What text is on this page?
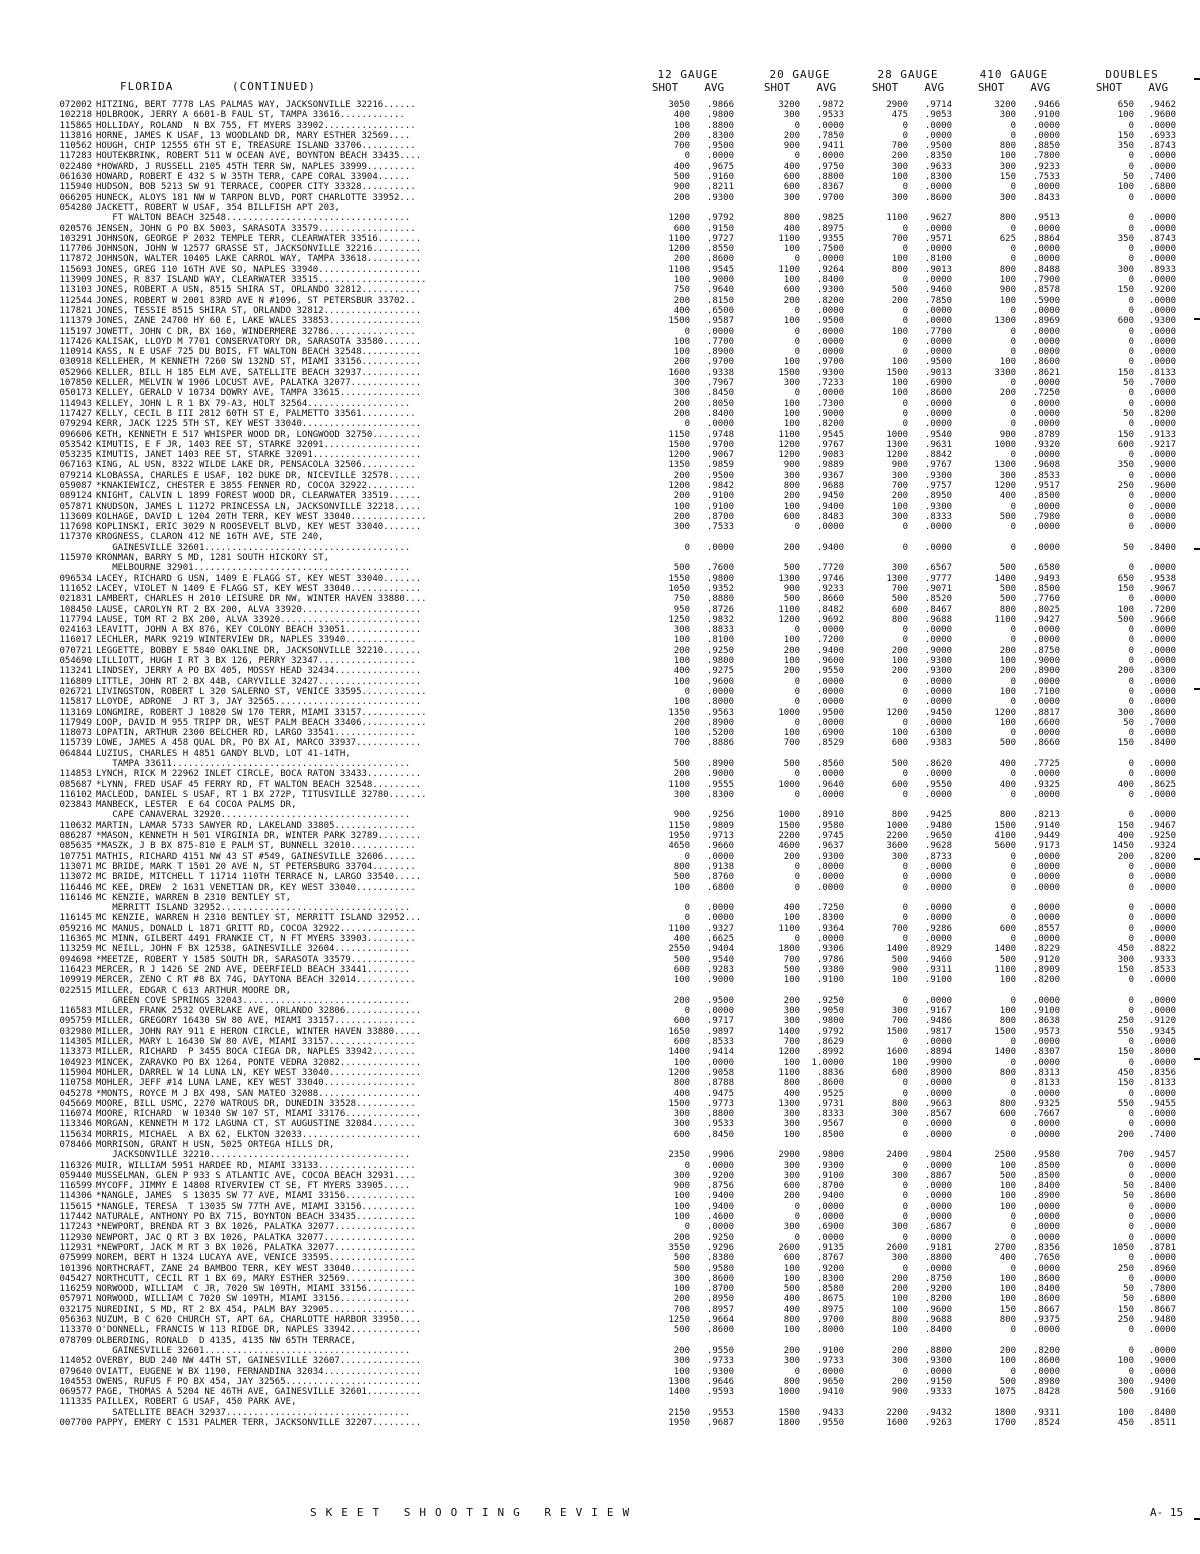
FLORIDA	(CONTINUED)
12 GAUGE
SHOT AVG
20 GAUGE
SHOT AVG
28 GAUGE
SHOT AVG
410 GAUGE
SHOT AVG
DOUBLES
SHOT AVG
072002 HITZING, BERT 7778 LAS PALMAS WAY, JACKSONVILLE 32216......	3050	.9866	3200	.9872	2900	.9714	3200	.9466	650	.9462
102218 HOLBROOK, JERRY A 6601-B FAUL ST, TAMPA 33616............	400	.9800	300	.9533	475	.9053	300	.9100	100	.9600
115865 HOLLIDAY, ROLAND  N BX 755, FT MYERS 33902.................	100	.8800	0	.0000	0	.0000	0	.0000	0	.0000
113816 HORNE, JAMES K USAF, 13 WOODLAND DR, MARY ESTHER 32569....	200	.8300	200	.7850	0	.0000	0	.0000	150	.6933
110562 HOUGH, CHIP 12555 6TH ST E, TREASURE ISLAND 33706..........	700	.9500	900	.9411	700	.9500	800	.8850	350	.8743
117283 HOUTEKBRINK, ROBERT 511 W OCEAN AVE, BOYNTON BEACH 33435....	0	.0000	0	.0000	200	.8350	100	.7800	0	.0000
022480 *HOWARD, J RUSSELL 2105 45TH TERR SW, NAPLES 33999.........	400	.9675	400	.9750	300	.9633	300	.9233	0	.0000
061630 HOWARD, ROBERT E 432 S W 35TH TERR, CAPE CORAL 33904......	500	.9160	600	.8800	100	.8300	150	.7533	50	.7400
115940 HUDSON, BOB 5213 SW 91 TERRACE, COOPER CITY 33328..........	900	.8211	600	.8367	0	.0000	0	.0000	100	.6800
066205 HUNECK, ALOYS 181 NW W TARPON BLVD, PORT CHARLOTTE 33952...	200	.9300	300	.9700	300	.8600	300	.8433	0	.0000
054280 JACKETT, ROBERT W USAF, 354 BILLFISH APT 203,
FT WALTON BEACH 32548..................................	1200	.9792	800	.9825	1100	.9627	800	.9513	0	.0000
020576 JENSEN, JOHN G PO BX 5003, SARASOTA 33579..................	600	.9150	400	.8975	0	.0000	0	.0000	0	.0000
103291 JOHNSON, GEORGE P 2032 TEMPLE TERR, CLEARWATER 33516........	1100	.9727	1100	.9355	700	.9571	625	.8864	350	.8743
117706 JOHNSON, JOHN W 12577 GRASSE ST, JACKSONVILLE 32216.........	1200	.8550	100	.7500	0	.0000	0	.0000	0	.0000
117872 JOHNSON, WALTER 10405 LAKE CARROL WAY, TAMPA 33618..........	200	.8600	0	.0000	100	.8100	0	.0000	0	.0000
115693 JONES, GREG 110 16TH AVE SO, NAPLES 33940...................	1100	.9545	1100	.9264	800	.9013	800	.8488	300	.8933
113909 JONES, R 837 ISLAND WAY, CLEARWATER 33515....................	100	.9000	100	.8400	0	.0000	100	.7900	0	.0000
113103 JONES, ROBERT A USN, 8515 SHIRA ST, ORLANDO 32812...........	750	.9640	600	.9300	500	.9460	900	.8578	150	.9200
112544 JONES, ROBERT W 2001 83RD AVE N #1096, ST PETERSBUR 33702..	200	.8150	200	.8200	200	.7850	100	.5900	0	.0000
117821 JONES, TESSIE 8515 SHIRA ST, ORLANDO 32812..................	400	.6500	0	.0000	0	.0000	0	.0000	0	.0000
111379 JONES, ZANE 24700 HY 60 E, LAKE WALES 33853.................	1500	.9587	100	.9500	0	.0000	1300	.8969	600	.9300
115197 JOWETT, JOHN C DR, BX 160, WINDERMERE 32786................	0	.0000	0	.0000	100	.7700	0	.0000	0	.0000
117426 KALISAK, LLOYD M 7701 CONSERVATORY DR, SARASOTA 33580.......	100	.7700	0	.0000	0	.0000	0	.0000	0	.0000
110914 KASS, N E USAF 725 DU BOIS, FT WALTON BEACH 32548...........	100	.8900	0	.0000	0	.0000	0	.0000	0	.0000
030918 KELLEHER, M KENNETH 7260 SW 132ND ST, MIAMI 33156...........	200	.9700	100	.9700	100	.9500	100	.8600	0	.0000
052966 KELLER, BILL H 185 ELM AVE, SATELLITE BEACH 32937...........	1600	.9338	1500	.9300	1500	.9013	3300	.8621	150	.8133
107850 KELLER, MELVIN W 1906 LOCUST AVE, PALATKA 32077.............	300	.7967	300	.7233	100	.6900	0	.0000	50	.7000
050173 KELLEY, GERALD V 10734 DOWRY AVE, TAMPA 33615...............	300	.8450	0	.0000	100	.8600	200	.7250	0	.0000
114943 KELLEY, JOHN L R 1 BX 79-A3, HOLT 32564...................	200	.8050	100	.7300	0	.0000	0	.0000	0	.0000
117427 KELLY, CECIL B III 2812 60TH ST E, PALMETTO 33561..........	200	.8400	100	.9000	0	.0000	0	.0000	50	.8200
079294 KERR, JACK 1225 5TH ST, KEY WEST 33040......................	0	.0000	100	.8200	0	.0000	0	.0000	0	.0000
096606 KETH, KENNETH E 517 WHISPER WOOD DR, LONGWOOD 32750.........	1150	.9748	1100	.9545	1000	.9540	900	.8789	150	.9133
053542 KIMUTIS, E F JR, 1403 REE ST, STARKE 32091..................	1500	.9700	1200	.9767	1300	.9631	1000	.9320	600	.9217
053235 KIMUTIS, JANET 1403 REE ST, STARKE 32091....................	1200	.9067	1200	.9083	1200	.8842	0	.0000	0	.0000
067163 KING, AL USN, 8322 WILDE LAKE DR, PENSACOLA 32506..........	1350	.9859	900	.9889	900	.9767	1300	.9608	350	.9000
079214 KLOBASSA, CHARLES E USAF, 102 DUKE DR, NICEVILLE 32578......	200	.9500	300	.9367	300	.9300	300	.8533	0	.0000
059087 *KNAKIEWICZ, CHESTER E 3855 FENNER RD, COCOA 32922.........	1200	.9842	800	.9688	700	.9757	1200	.9517	250	.9600
089124 KNIGHT, CALVIN L 1899 FOREST WOOD DR, CLEARWATER 33519......	200	.9100	200	.9450	200	.8950	400	.8500	0	.0000
057871 KNUDSON, JAMES L 11272 PRINCESSA LN, JACKSONVILLE 32218.....	100	.9100	100	.9400	100	.9300	0	.0000	0	.0000
113609 KOLHAGE, DAVID L 1204 20TH TERR, KEY WEST 33040..............	200	.8700	600	.8483	300	.8333	500	.7980	0	.0000
117698 KOPLINSKI, ERIC 3029 N ROOSEVELT BLVD, KEY WEST 33040.......	300	.7533	0	.0000	0	.0000	0	.0000	0	.0000
117370 KROGNESS, CLARON 412 NE 16TH AVE, STE 240,
GAINESVILLE 32601......................................	0	.0000	200	.9400	0	.0000	0	.0000	50	.8400
115970 KRONMAN, BARRY S MD, 1281 SOUTH HICKORY ST,
MELBOURNE 32901........................................	500	.7600	500	.7720	300	.6567	500	.6580	0	.0000
096534 LACEY, RICHARD G USN, 1409 E FLAGG ST, KEY WEST 33040.......	1550	.9800	1300	.9746	1300	.9777	1400	.9493	650	.9538
111652 LACEY, VIOLET N 1409 E FLAGG ST, KEY WEST 33040.............	1050	.9352	900	.9233	700	.9071	500	.8500	150	.9067
021831 LAMBERT, CHARLES H 2010 LEISURE DR NW, WINTER HAVEN 33880....	750	.8880	500	.8660	500	.8520	500	.7760	0	.0000
108450 LAUSE, CAROLYN RT 2 BX 200, ALVA 33920......................	950	.8726	1100	.8482	600	.8467	800	.8025	100	.7200
117794 LAUSE, TOM RT 2 BX 200, ALVA 33920..........................	1250	.9832	1200	.9692	800	.9688	1100	.9427	500	.9660
024163 LEAVITT, JOHN A BX 876, KEY COLONY BEACH 33051..............	300	.8833	0	.0000	0	.0000	0	.0000	0	.0000
116017 LECHLER, MARK 9219 WINTERVIEW DR, NAPLES 33940.............	100	.8100	100	.7200	0	.0000	0	.0000	0	.0000
070721 LEGGETTE, BOBBY E 5840 OAKLINE DR, JACKSONVILLE 32210.......	200	.9250	200	.9400	200	.9000	200	.8750	0	.0000
054690 LILLIOTT, HUGH I RT 3 BX 126, PERRY 32347..................	100	.9800	100	.9600	100	.9300	100	.9000	0	.0000
113241 LINDSEY, JERRY A PO BX 405, MOSSY HEAD 32434................	400	.9275	200	.9550	200	.9300	200	.8900	200	.8300
116809 LITTLE, JOHN RT 2 BX 44B, CARYVILLE 32427...................	100	.9600	0	.0000	0	.0000	0	.0000	0	.0000
026721 LIVINGSTON, ROBERT L 320 SALERNO ST, VENICE 33595............	0	.0000	0	.0000	0	.0000	100	.7100	0	.0000
115817 LLOYDE, ADRONE  J RT 3, JAY 32565...........................	100	.8000	0	.0000	0	.0000	0	.0000	0	.0000
113169 LONGMIRE, ROBERT J 10820 SW 170 TERR, MIAMI 33157............	1350	.9563	1000	.9500	1200	.9450	1200	.8817	300	.8600
117949 LOOP, DAVID M 955 TRIPP DR, WEST PALM BEACH 33406............	200	.8900	0	.0000	0	.0000	100	.6600	50	.7000
118073 LOPATIN, ARTHUR 2300 BELCHER RD, LARGO 33541...............	100	.5200	100	.6900	100	.6300	0	.0000	0	.0000
115739 LOWE, JAMES A 458 QUAL DR, PO BX AI, MARCO 33937............	700	.8886	700	.8529	600	.9383	500	.8660	150	.8400
064844 LUZIUS, CHARLES H 4851 GANDY BLVD, LOT 41-14TH,
TAMPA 33611............................................	500	.8900	500	.8560	500	.8620	400	.7725	0	.0000
114853 LYNCH, RICK M 22962 INLET CIRCLE, BOCA RATON 33433..........	200	.9000	0	.0000	0	.0000	0	.0000	0	.0000
085687 *LYNN, FRED USAF 45 FERRY RD, FT WALTON BEACH 32548.........	1100	.9555	1000	.9640	600	.9550	400	.9325	400	.8625
116102 MACLEOD, DANIEL S USAF, RT 1 BX 272P, TITUSVILLE 32780.......	300	.8300	0	.0000	0	.0000	0	.0000	0	.0000
023843 MANBECK, LESTER  E 64 COCOA PALMS DR,
CAPE CANAVERAL 32920...................................	900	.9256	1000	.8910	800	.9425	800	.8213	0	.0000
110632 MARTIN, LAMAR 5733 SAWYER RD, LAKELAND 33805...............	1150	.9809	1500	.9580	1000	.9480	1500	.9140	150	.9467
086287 *MASON, KENNETH H 501 VIRGINIA DR, WINTER PARK 32789........	1950	.9713	2200	.9745	2200	.9650	4100	.9449	400	.9250
085635 *MASZK, J B BX 875-810 E PALM ST, BUNNELL 32010............	4650	.9660	4600	.9637	3600	.9628	5600	.9173	1450	.9324
107751 MATHIS, RICHARD 4151 NW 43 ST #549, GAINESVILLE 32606......	0	.0000	200	.9300	300	.8733	0	.0000	200	.8200
113071 MC BRIDE, MARK T 1501 20 AVE N, ST PETERSBURG 33704........	800	.9138	0	.0000	0	.0000	0	.0000	0	.0000
113072 MC BRIDE, MITCHELL T 11714 110TH TERRACE N, LARGO 33540.....	500	.8760	0	.0000	0	.0000	0	.0000	0	.0000
116446 MC KEE, DREW  2 1631 VENETIAN DR, KEY WEST 33040...........	100	.6800	0	.0000	0	.0000	0	.0000	0	.0000
116146 MC KENZIE, WARREN B 2310 BENTLEY ST,
MERRITT ISLAND 32952...................................	0	.0000	400	.7250	0	.0000	0	.0000	0	.0000
116145 MC KENZIE, WARREN H 2310 BENTLEY ST, MERRITT ISLAND 32952...	0	.0000	100	.8300	0	.0000	0	.0000	0	.0000
059216 MC MANUS, DONALD L 1871 GRITT RD, COCOA 32922..............	1100	.9327	1100	.9364	700	.9286	600	.8557	0	.0000
116365 MC MINN, GILBERT 4491 FRANKIE CT, N FT MYERS 33903.........	400	.6625	0	.0000	0	.0000	0	.0000	0	.0000
113259 MC NEILL, JOHN F BX 12538, GAINESVILLE 32604..............	2550	.9404	1800	.9306	1400	.8929	1400	.8229	450	.8822
094698 *MEETZE, ROBERT Y 1585 SOUTH DR, SARASOTA 33579............	500	.9540	700	.9786	500	.9460	500	.9120	300	.9333
116423 MERCER, R J 1426 SE 2ND AVE, DEERFIELD BEACH 33441........	600	.9283	500	.9380	900	.9311	1100	.8909	150	.8533
109919 MERCER, ZENO C RT #8 BX 74G, DAYTONA BEACH 32014...........	100	.9000	100	.9100	100	.9100	100	.8200	0	.0000
022515 MILLER, EDGAR C 613 ARTHUR MOORE DR,
GREEN COVE SPRINGS 32043...............................	200	.9500	200	.9250	0	.0000	0	.0000	0	.0000
116583 MILLER, FRANK 2532 OVERLAKE AVE, ORLANDO 32806..............	0	.0000	300	.9050	300	.9167	100	.9100	0	.0000
095759 MILLER, GREGORY 16430 SW 80 AVE, MIAMI 33157...............	600	.9717	300	.9800	700	.9486	800	.8638	250	.9120
032980 MILLER, JOHN RAY 911 E HERON CIRCLE, WINTER HAVEN 33880.....	1650	.9897	1400	.9792	1500	.9817	1500	.9573	550	.9345
114305 MILLER, MARY L 16430 SW 80 AVE, MIAMI 33157................	600	.8533	700	.8629	0	.0000	0	.0000	0	.0000
113373 MILLER, RICHARD  P 3455 BOCA CIEGA DR, NAPLES 33942........	1400	.9414	1200	.8992	1600	.8894	1400	.8307	150	.8000
104923 MINCEK, ZARAVKO PO BX 1264, PONTE VEDRA 32082...............	100	.0000	100	1.0000	100	.9900	0	.0000	0	.0000
115904 MOHLER, DARREL W 14 LUNA LN, KEY WEST 33040.................	1200	.9058	1100	.8836	600	.8900	800	.8313	450	.8356
110758 MOHLER, JEFF #14 LUNA LANE, KEY WEST 33040.................	800	.8788	800	.8600	0	.0000	0	.8133	150	.8133
045278 *MONTS, ROYCE M J BX 498, SAN MATEO 32088...................	400	.9475	400	.9525	0	.0000	0	.0000	0	.0000
045669 MOORE, BILL USMC, 2270 WATROUS DR, DUNEDIN 33528...........	1500	.9773	1300	.9731	800	.9663	800	.9325	550	.9455
116074 MOORE, RICHARD  W 10340 SW 107 ST, MIAMI 33176..............	300	.8800	300	.8333	300	.8567	600	.7667	0	.0000
113346 MORGAN, KENNETH M 172 LAGUNA CT, ST AUGUSTINE 32084........	300	.9533	300	.9567	0	.0000	0	.0000	0	.0000
115634 MORRIS, MICHAEL  A BX 62, ELKTON 32033......................	600	.8450	100	.8500	0	.0000	0	.0000	200	.7400
078466 MORRISON, GRANT H USN, 5025 ORTEGA HILLS DR,
JACKSONVILLE 32210.....................................	2350	.9906	2900	.9800	2400	.9804	2500	.9580	700	.9457
116326 MUIR, WILLIAM 5951 HARDEE RD, MIAMI 33133..................	0	.0000	300	.9300	0	.0000	100	.8500	0	.0000
059440 MUSSELMAN, GLEN P 933 S ATLANTIC AVE, COCOA BEACH 32931....	300	.9200	300	.9100	300	.8867	500	.8500	0	.0000
116599 MYCOFF, JIMMY E 14808 RIVERVIEW CT SE, FT MYERS 33905.....	900	.8756	600	.8700	0	.0000	100	.8400	50	.8400
114306 *NANGLE, JAMES  S 13035 SW 77 AVE, MIAMI 33156.............	100	.9400	200	.9400	0	.0000	100	.8900	50	.8600
115615 *NANGLE, TERESA  T 13035 SW 77TH AVE, MIAMI 33156..........	100	.9400	0	.0000	0	.0000	100	.0000	0	.0000
117442 NATURALE, ANTHONY PO BX 715, BOYNTON BEACH 33435...........	100	.4600	0	.0000	0	.0000	0	.0000	0	.0000
117243 *NEWPORT, BRENDA RT 3 BX 1026, PALATKA 32077...............	0	.0000	300	.6900	300	.6867	0	.0000	0	.0000
112930 NEWPORT, JAC Q RT 3 BX 1026, PALATKA 32077.................	200	.9250	0	.0000	0	.0000	0	.0000	0	.0000
112931 *NEWPORT, JACK M RT 3 BX 1026, PALATKA 32077...............	3550	.9296	2600	.9135	2600	.9181	2700	.8356	1050	.8781
075999 NOREM, BERT H 1324 LUCAYA AVE, VENICE 33595................	500	.8380	600	.8767	300	.8800	400	.7650	0	.0000
101396 NORTHCRAFT, ZANE 24 BAMBOO TERR, KEY WEST 33040............	500	.9580	100	.9200	0	.0000	0	.0000	250	.8960
045427 NORTHCUTT, CECIL RT 1 BX 69, MARY ESTHER 32569.............	300	.8600	100	.8300	200	.8750	100	.8600	0	.0000
116259 NORWOOD, WILLIAM  C JR, 7020 SW 109TH, MIAMI 33156.........	100	.8700	500	.8580	200	.9200	100	.8400	50	.7800
057971 NORWOOD, WILLIAM C 7020 SW 109TH, MIAMI 33156.............	200	.8950	400	.8675	100	.8200	100	.8600	50	.6800
032175 NUREDINI, S MD, RT 2 BX 454, PALM BAY 32905................	700	.8957	400	.8975	100	.9600	150	.8667	150	.8667
056363 NUZUM, B C 620 CHURCH ST, APT 6A, CHARLOTTE HARBOR 33950....	1250	.9664	800	.9700	800	.9688	800	.9375	250	.9480
113370 O'DONNELL, FRANCIS W 113 RIDGE DR, NAPLES 33942.............	500	.8600	100	.8000	100	.8400	0	.0000	0	.0000
078709 OLBERDING, RONALD  D 4135, 4135 NW 65TH TERRACE,
GAINESVILLE 32601......................................	200	.9550	200	.9100	200	.8800	200	.8200	0	.0000
114052 OVERBY, BUD 240 NW 44TH ST, GAINESVILLE 32607...............	300	.9733	300	.9733	300	.9300	100	.8600	100	.9000
079640 OVIATT, EUGENE W BX 1190, FERNANDINA 32034..................	100	.9300	0	.0000	0	.0000	0	.0000	0	.0000
104553 OWENS, RUFUS F PO BX 454, JAY 32565.........................	1300	.9646	800	.9650	200	.9150	500	.8980	300	.9400
069577 PAGE, THOMAS A 5204 NE 46TH AVE, GAINESVILLE 32601..........	1400	.9593	1000	.9410	900	.9333	1075	.8428	500	.9160
111335 PAILLEX, ROBERT G USAF, 450 PARK AVE,
SATELLITE BEACH 32937..................................	2150	.9553	1500	.9433	2200	.9432	1800	.9311	100	.8400
007700 PAPPY, EMERY C 1531 PALMER TERR, JACKSONVILLE 32207.........	1950	.9687	1800	.9550	1600	.9263	1700	.8524	450	.8511
SKEET SHOOTING REVIEW	A- 15
